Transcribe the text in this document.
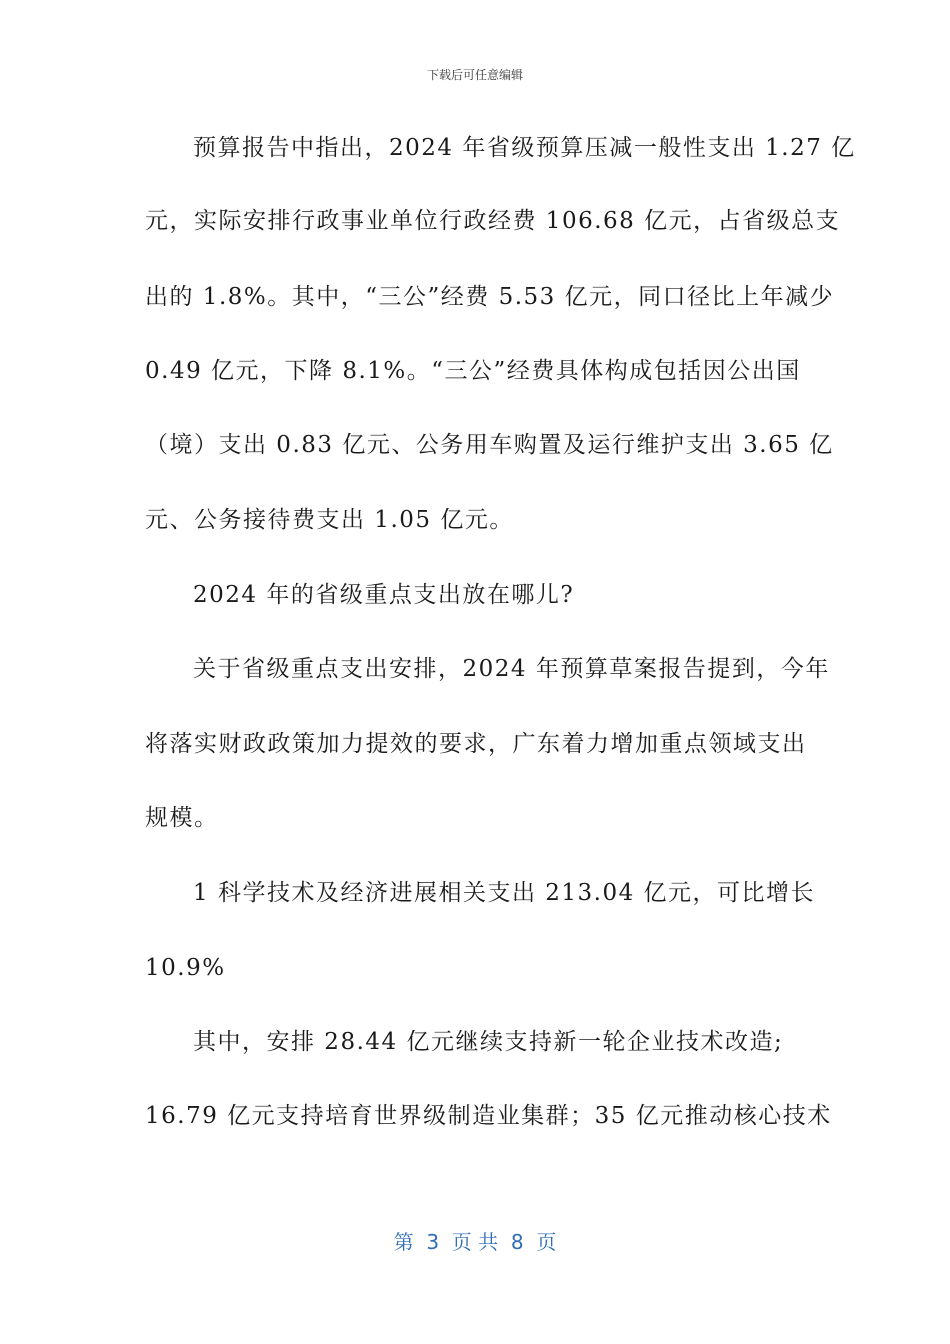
下载后可任意编辑
预算报告中指出，2024 年省级预算压减一般性支出 1.27 亿
元，实际安排行政事业单位行政经费 106.68 亿元，占省级总支
出的 1.8%。其中，“三公”经费 5.53 亿元，同口径比上年减少
0.49 亿元，下降 8.1%。“三公”经费具体构成包括因公出国
（境）支出 0.83 亿元、公务用车购置及运行维护支出 3.65 亿
元、公务接待费支出 1.05 亿元。
2024 年的省级重点支出放在哪儿?
关于省级重点支出安排，2024 年预算草案报告提到，今年
将落实财政政策加力提效的要求，广东着力增加重点领域支出
规模。
1 科学技术及经济进展相关支出 213.04 亿元，可比增长
10.9%
其中，安排 28.44 亿元继续支持新一轮企业技术改造;
16.79 亿元支持培育世界级制造业集群；35 亿元推动核心技术
第  3  页 共  8  页
